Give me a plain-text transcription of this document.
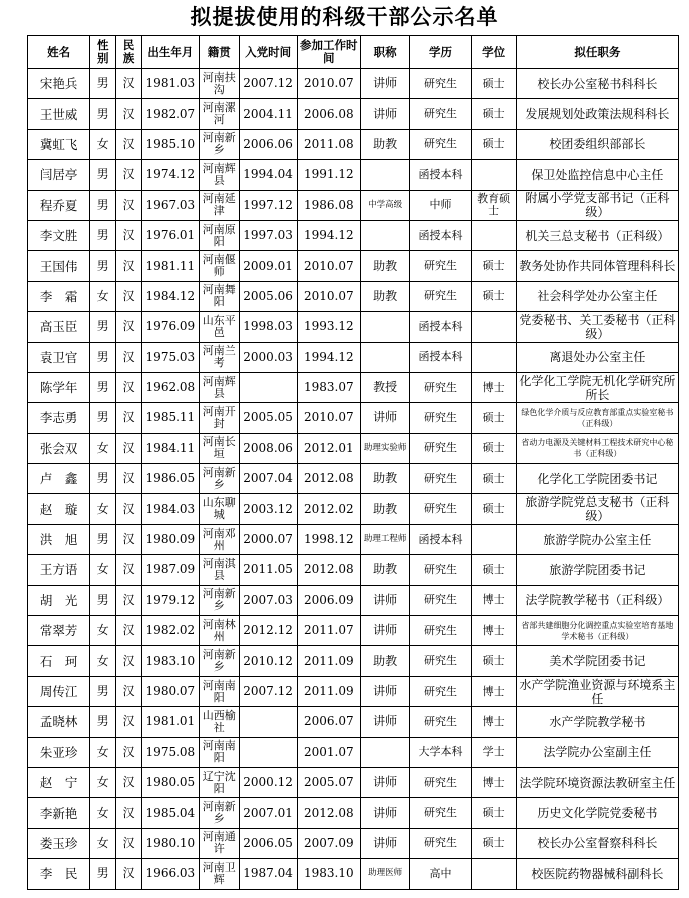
拟提拔使用的科级干部公示名单
姓名	性别	民族	出生年月	籍贯	入党时间	参加工作时间	职称	学历	学位	拟任职务
宋艳兵	男	汉	1981.03	河南扶沟	2007.12	2010.07	讲师	研究生	硕士	校长办公室秘书科科长
王世威	男	汉	1982.07	河南漯河	2004.11	2006.08	讲师	研究生	硕士	发展规划处政策法规科科长
冀虹飞	女	汉	1985.10	河南新乡	2006.06	2011.08	助教	研究生	硕士	校团委组织部部长
闫居亭	男	汉	1974.12	河南辉县	1994.04	1991.12		函授本科		保卫处监控信息中心主任
程乔夏	男	汉	1967.03	河南延津	1997.12	1986.08	中学高级	中师	教育硕士	附属小学党支部书记（正科级）
李文胜	男	汉	1976.01	河南原阳	1997.03	1994.12		函授本科		机关三总支秘书（正科级）
王国伟	男	汉	1981.11	河南偃师	2009.01	2010.07	助教	研究生	硕士	教务处协作共同体管理科科长
李　霜	女	汉	1984.12	河南舞阳	2005.06	2010.07	助教	研究生	硕士	社会科学处办公室主任
高玉臣	男	汉	1976.09	山东平邑	1998.03	1993.12		函授本科		党委秘书、关工委秘书（正科级）
袁卫官	男	汉	1975.03	河南兰考	2000.03	1994.12		函授本科		离退处办公室主任
陈学年	男	汉	1962.08	河南辉县		1983.07	教授	研究生	博士	化学化工学院无机化学研究所所长
李志勇	男	汉	1985.11	河南开封	2005.05	2010.07	讲师	研究生	硕士	绿色化学介质与反应教育部重点实验室秘书（正科级）
张会双	女	汉	1984.11	河南长垣	2008.06	2012.01	助理实验师	研究生	硕士	省动力电源及关键材料工程技术研究中心秘书（正科级）
卢　鑫	男	汉	1986.05	河南新乡	2007.04	2012.08	助教	研究生	硕士	化学化工学院团委书记
赵　璇	女	汉	1984.03	山东聊城	2003.12	2012.02	助教	研究生	硕士	旅游学院党总支秘书（正科级）
洪　旭	男	汉	1980.09	河南邓州	2000.07	1998.12	助理工程师	函授本科		旅游学院办公室主任
王方语	女	汉	1987.09	河南淇县	2011.05	2012.08	助教	研究生	硕士	旅游学院团委书记
胡　光	男	汉	1979.12	河南新乡	2007.03	2006.09	讲师	研究生	博士	法学院教学秘书（正科级）
常翠芳	女	汉	1982.02	河南林州	2012.12	2011.07	讲师	研究生	博士	省部共建细胞分化调控重点实验室培育基地学术秘书（正科级）
石　珂	女	汉	1983.10	河南新乡	2010.12	2011.09	助教	研究生	硕士	美术学院团委书记
周传江	男	汉	1980.07	河南南阳	2007.12	2011.09	讲师	研究生	博士	水产学院渔业资源与环境系主任
孟晓林	男	汉	1981.01	山西榆社		2006.07	讲师	研究生	博士	水产学院教学秘书
朱亚珍	女	汉	1975.08	河南南阳		2001.07		大学本科	学士	法学院办公室副主任
赵　宁	女	汉	1980.05	辽宁沈阳	2000.12	2005.07	讲师	研究生	博士	法学院环境资源法教研室主任
李新艳	女	汉	1985.04	河南新乡	2007.01	2012.08	讲师	研究生	硕士	历史文化学院党委秘书
娄玉珍	女	汉	1980.10	河南通许	2006.05	2007.09	讲师	研究生	硕士	校长办公室督察科科长
李　民	男	汉	1966.03	河南卫辉	1987.04	1983.10	助理医师	高中		校医院药物器械科副科长
